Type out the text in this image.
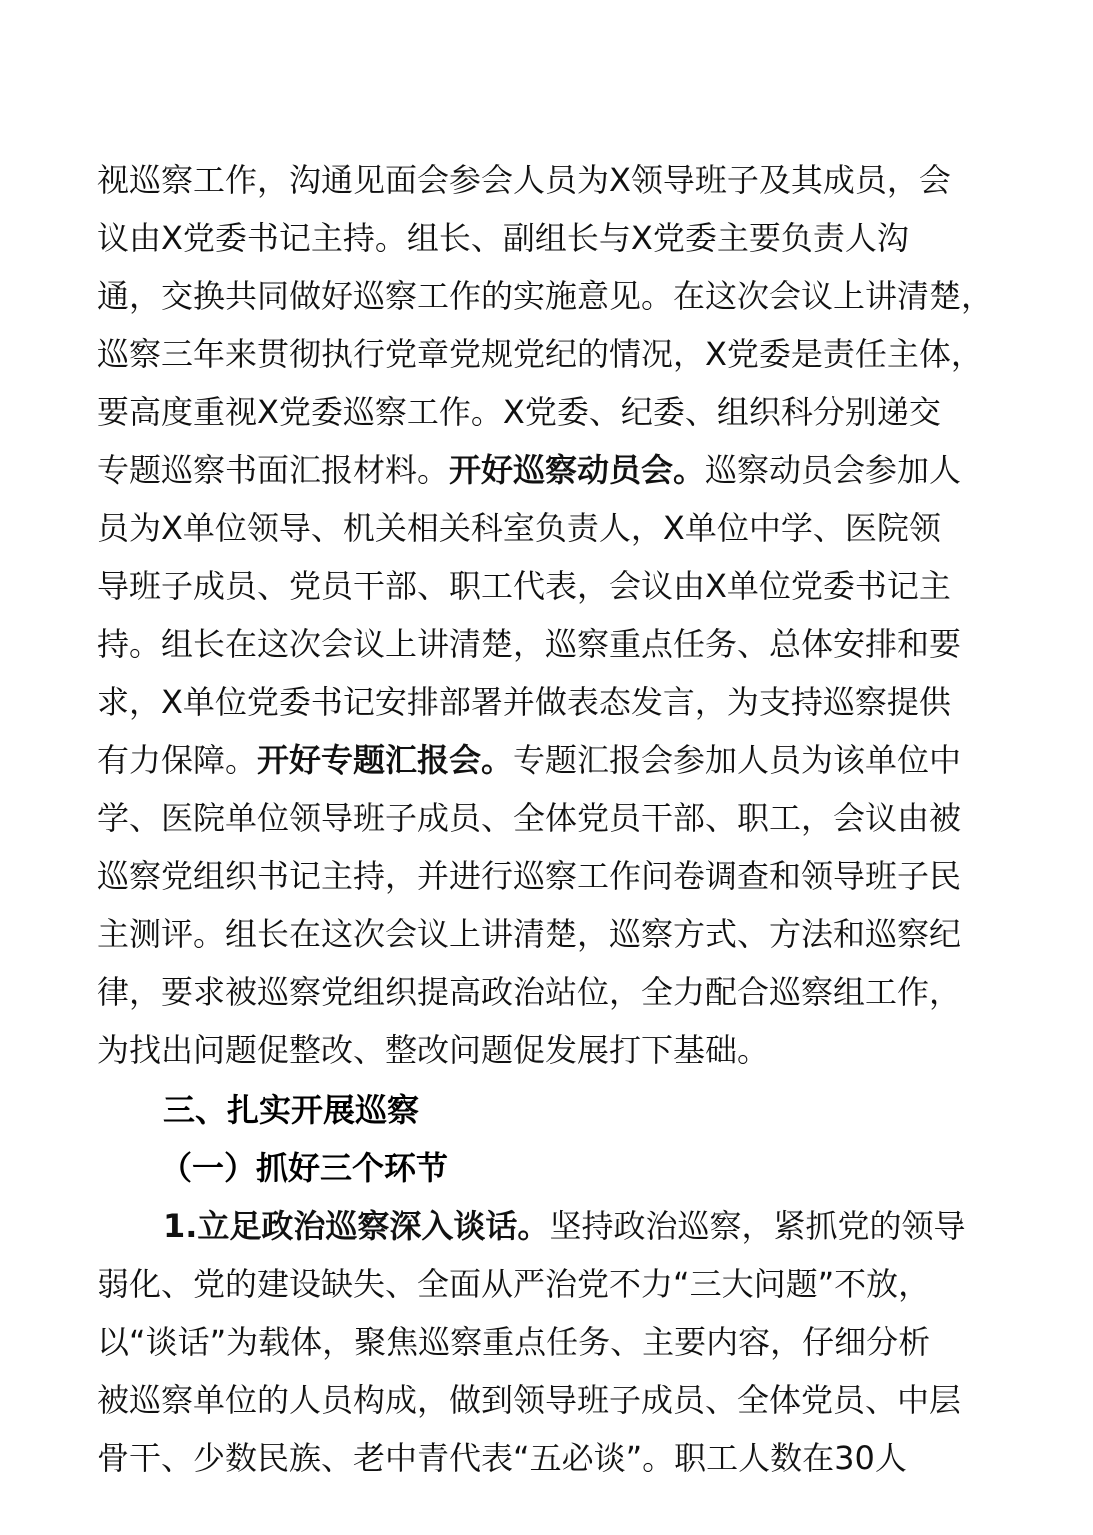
视巡察工作，沟通见面会参会人员为X领导班子及其成员，会
议由X党委书记主持。组长、副组长与X党委主要负责人沟
通，交换共同做好巡察工作的实施意见。在这次会议上讲清楚，
巡察三年来贯彻执行党章党规党纪的情况，X党委是责任主体，
要高度重视X党委巡察工作。X党委、纪委、组织科分别递交
专题巡察书面汇报材料。开好巡察动员会。巡察动员会参加人
员为X单位领导、机关相关科室负责人，X单位中学、医院领
导班子成员、党员干部、职工代表，会议由X单位党委书记主
持。组长在这次会议上讲清楚，巡察重点任务、总体安排和要
求，X单位党委书记安排部署并做表态发言，为支持巡察提供
有力保障。开好专题汇报会。专题汇报会参加人员为该单位中
学、医院单位领导班子成员、全体党员干部、职工，会议由被
巡察党组织书记主持，并进行巡察工作问卷调查和领导班子民
主测评。组长在这次会议上讲清楚，巡察方式、方法和巡察纪
律，要求被巡察党组织提高政治站位，全力配合巡察组工作，
为找出问题促整改、整改问题促发展打下基础。
三、扎实开展巡察
（一）抓好三个环节
1.立足政治巡察深入谈话。坚持政治巡察，紧抓党的领导
弱化、党的建设缺失、全面从严治党不力“三大问题”不放，
以“谈话”为载体，聚焦巡察重点任务、主要内容，仔细分析
被巡察单位的人员构成，做到领导班子成员、全体党员、中层
骨干、少数民族、老中青代表“五必谈”。职工人数在30人
